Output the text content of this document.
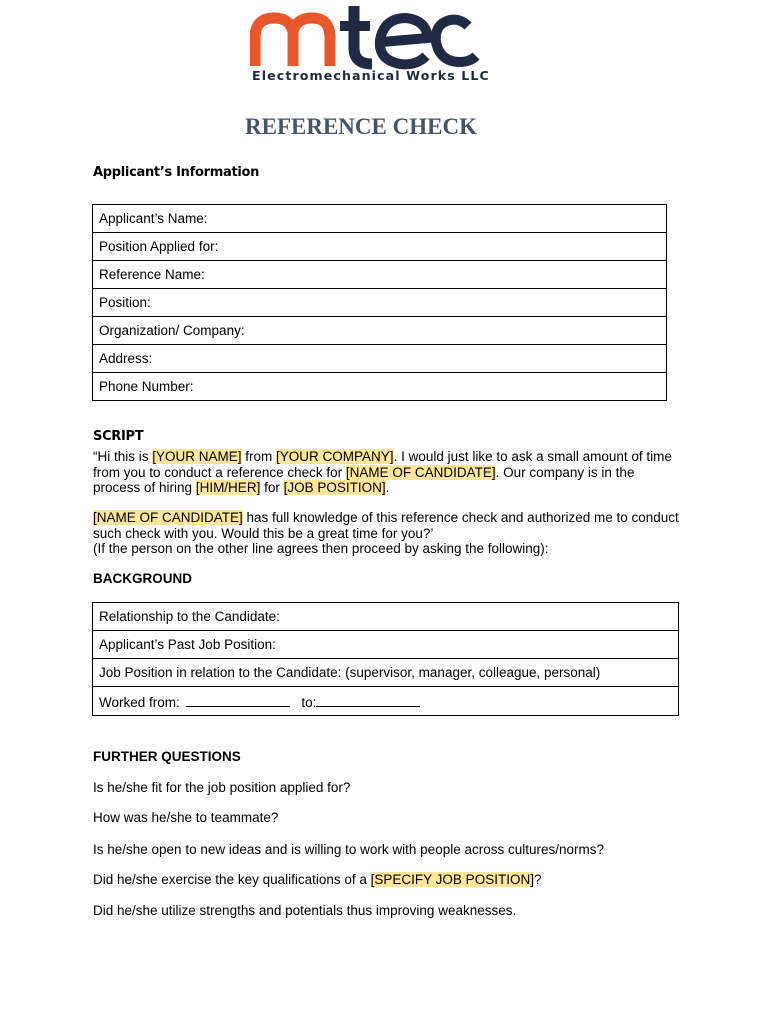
Electromechanical Works LLC
REFERENCE CHECK
Applicant’s Information
Applicant’s Name:
Position Applied for:
Reference Name:
Position:
Organization/ Company:
Address:
Phone Number:
SCRIPT
“Hi this is [YOUR NAME] from [YOUR COMPANY]. I would just like to ask a small amount of time from you to conduct a reference check for [NAME OF CANDIDATE]. Our company is in the process of hiring [HIM/HER] for [JOB POSITION].
[NAME OF CANDIDATE] has full knowledge of this reference check and authorized me to conduct such check with you. Would this be a great time for you?’
(If the person on the other line agrees then proceed by asking the following):
BACKGROUND
Relationship to the Candidate:
Applicant’s Past Job Position:
Job Position in relation to the Candidate: (supervisor, manager, colleague, personal)
Worked from:	to:
FURTHER QUESTIONS
Is he/she fit for the job position applied for?
How was he/she to teammate?
Is he/she open to new ideas and is willing to work with people across cultures/norms?
Did he/she exercise the key qualifications of a [SPECIFY JOB POSITION]?
Did he/she utilize strengths and potentials thus improving weaknesses.
